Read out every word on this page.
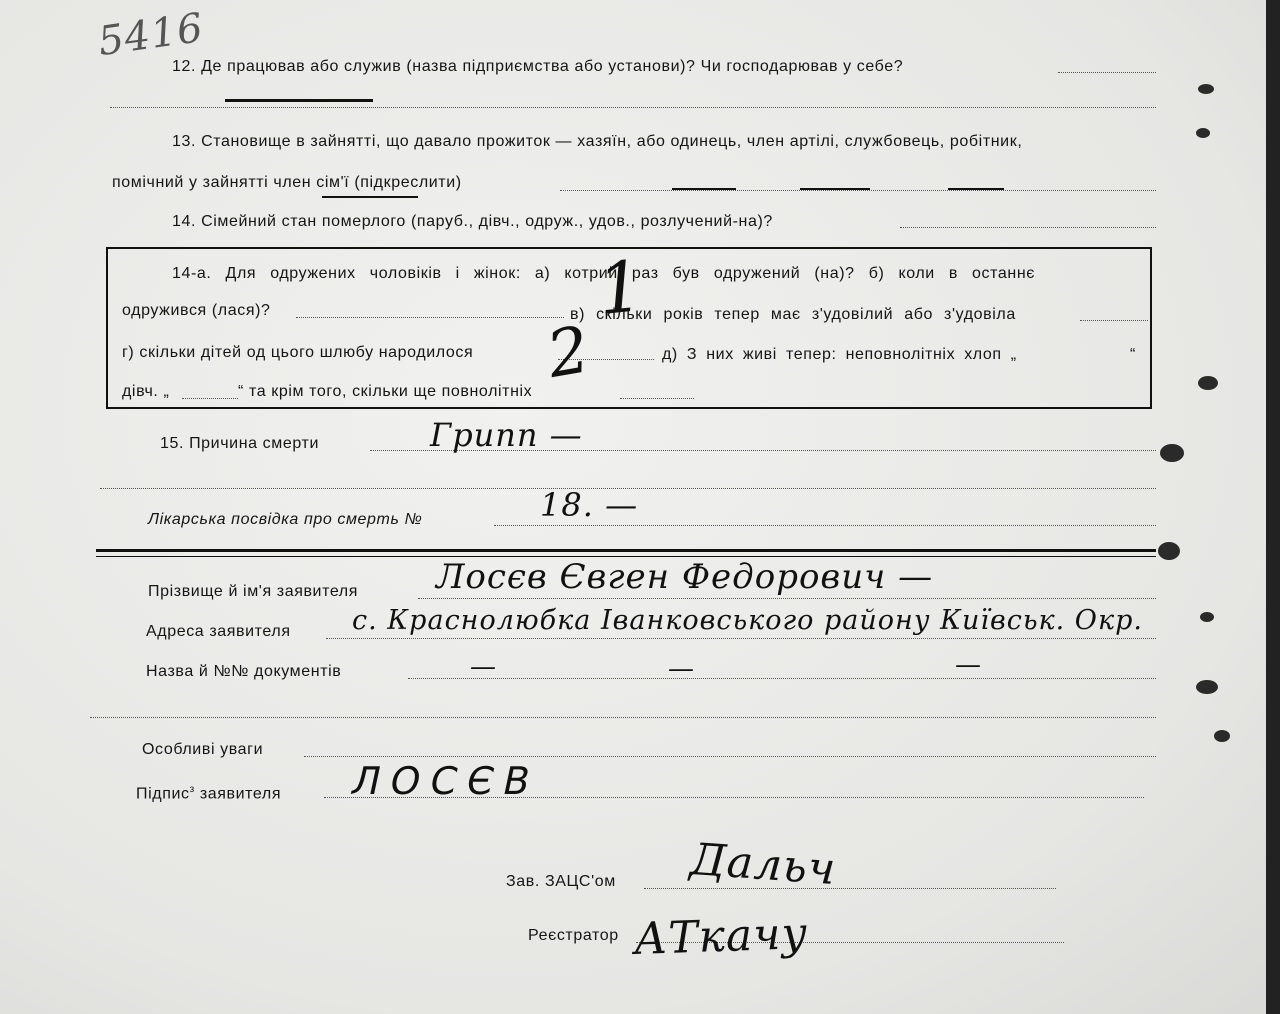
5416
12. Де працював або служив (назва підприємства або установи)? Чи господарював у себе?
13. Становище в зайнятті, що давало прожиток — хазяїн, або одинець, член артілі, службовець, робітник,
помічний у зайнятті член сім'ї (підкреслити)
14. Сімейний стан померлого (паруб., дівч., одруж., удов., розлучений-на)?
14-а. Для одружених чоловіків і жінок: а) котрий раз був одружений (на)? б) коли в останнє
одружився (лася)?	в) скільки років тепер має з'удовілий або з'удовіла
г) скільки дітей од цього шлюбу народилося	д) З них живі тепер: неповнолітніх хлоп „	“
дівч. „	“ та крім того, скільки ще повнолітніх
1
2
15. Причина смерти	Грипп —
Лікарська посвідка про смерть №	18. —
Прізвище й ім'я заявителя Лосєв Євген Федорович —
Адреса заявителя с. Краснолюбка Іванковського району Київськ. Окр.
Назва й №№ документів	—	—	—
Особливі уваги
Підпис$^з$ заявителя ЛОСЄВ
Зав. ЗАЦС'ом Дальч
Реєстратор АТкачу
